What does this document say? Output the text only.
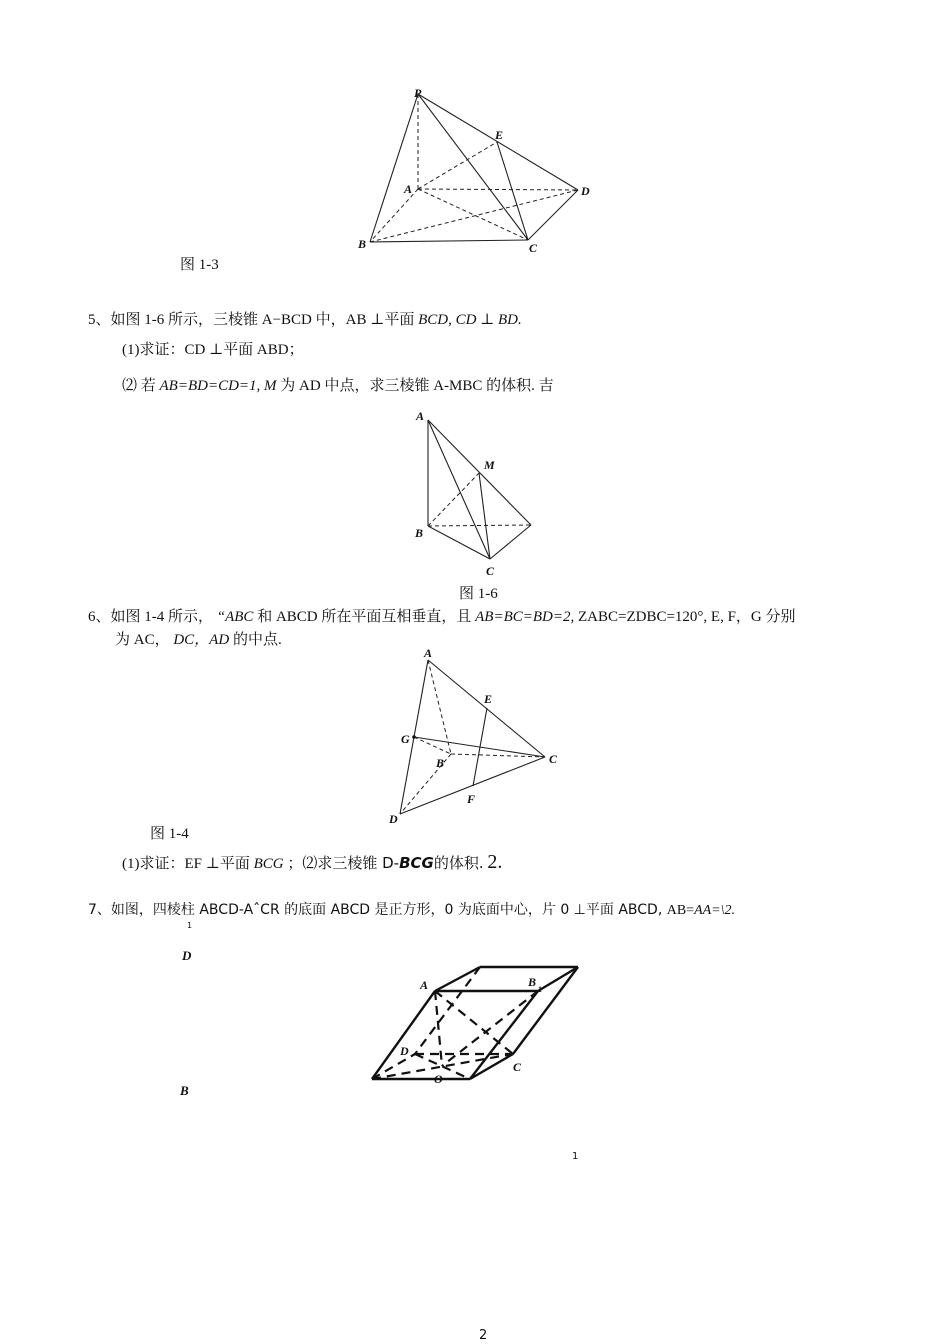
P
E
A	D
B	C
图 1-3
5、如图 1-6 所示，三棱锥 A−BCD 中，AB ⊥平面 BCD, CD ⊥ BD.
(1)求证：CD ⊥平面 ABD；
⑵ 若 AB=BD=CD=1, M 为 AD 中点，求三棱锥 A-MBC 的体积. 吉
A
M
B
C
图 1-6
6、如图 1-4 所示， “ABC 和 ABCD 所在平面互相垂直，且 AB=BC=BD=2, ZABC=ZDBC=120°, E, F，G 分别
为 AC， DC，AD 的中点.
A
E
G
B	C
F
D
图 1-4
(1)求证：EF ⊥平面 BCG ；⑵求三棱锥 D-BCG的体积. 2.
7、如图，四棱柱 ABCD-AˆCR 的底面 ABCD 是正方形，0 为底面中心，片 0 ⊥平面 ABCD, AB=AA=\2.
1
D
B
A	B
1
D
C
O
1
2
